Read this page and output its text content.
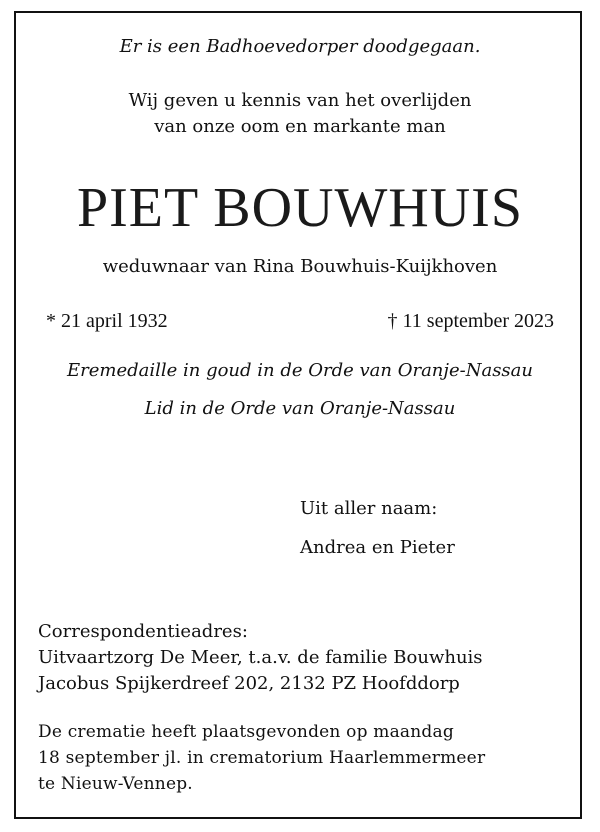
Er is een Badhoevedorper doodgegaan.
Wij geven u kennis van het overlijden
van onze oom en markante man
PIET BOUWHUIS
weduwnaar van Rina Bouwhuis-Kuijkhoven
* 21 april 1932	† 11 september 2023
Eremedaille in goud in de Orde van Oranje-Nassau
Lid in de Orde van Oranje-Nassau
Uit aller naam:
Andrea en Pieter
Correspondentieadres:
Uitvaartzorg De Meer, t.a.v. de familie Bouwhuis
Jacobus Spijkerdreef 202, 2132 PZ Hoofddorp
De crematie heeft plaatsgevonden op maandag
18 september jl. in crematorium Haarlemmermeer
te Nieuw-Vennep.
